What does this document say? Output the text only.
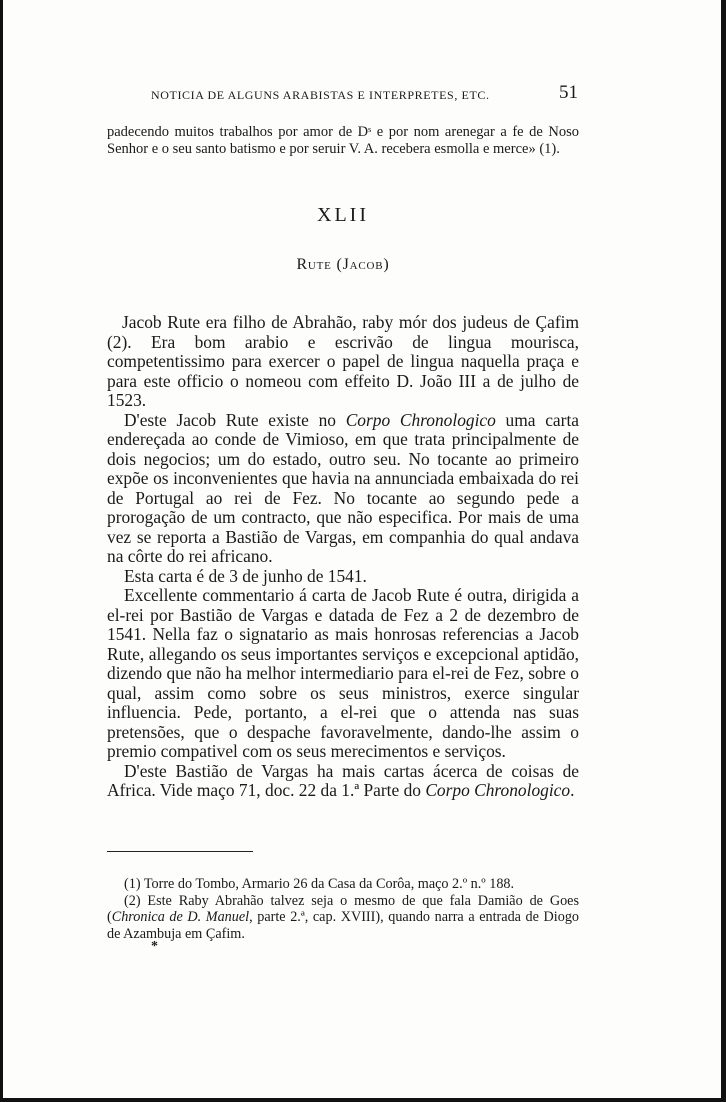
NOTICIA DE ALGUNS ARABISTAS E INTERPRETES, ETC.	51
padecendo muitos trabalhos por amor de Dˢ e por nom arenegar a fe de Noso Senhor e o seu santo batismo e por seruir V. A. recebera esmolla e merce» (1).
XLII
Rute (Jacob)

Jacob Rute era filho de Abrahão, raby mór dos judeus de Çafim (2). Era bom arabio e escrivão de lingua mourisca, competentissimo para exercer o papel de lingua naquella praça e para este officio o nomeou com effeito D. João III a de julho de 1523.

D'este Jacob Rute existe no Corpo Chronologico uma carta endereçada ao conde de Vimioso, em que trata principalmente de dois negocios; um do estado, outro seu. No tocante ao primeiro expõe os inconvenientes que havia na annunciada embaixada do rei de Portugal ao rei de Fez. No tocante ao segundo pede a prorogação de um contracto, que não especifica. Por mais de uma vez se reporta a Bastião de Vargas, em companhia do qual andava na côrte do rei africano.

Esta carta é de 3 de junho de 1541.

Excellente commentario á carta de Jacob Rute é outra, dirigida a el-rei por Bastião de Vargas e datada de Fez a 2 de dezembro de 1541. Nella faz o signatario as mais honrosas referencias a Jacob Rute, allegando os seus importantes serviços e excepcional aptidão, dizendo que não ha melhor intermediario para el-rei de Fez, sobre o qual, assim como sobre os seus ministros, exerce singular influencia. Pede, portanto, a el-rei que o attenda nas suas pretensões, que o despache favoravelmente, dando-lhe assim o premio compativel com os seus merecimentos e serviços.

D'este Bastião de Vargas ha mais cartas ácerca de coisas de Africa. Vide maço 71, doc. 22 da 1.ª Parte do Corpo Chronologico.

(1) Torre do Tombo, Armario 26 da Casa da Corôa, maço 2.º n.º 188.

(2) Este Raby Abrahão talvez seja o mesmo de que fala Damião de Goes (Chronica de D. Manuel, parte 2.ª, cap. XVIII), quando narra a entrada de Diogo de Azambuja em Çafim.

*
